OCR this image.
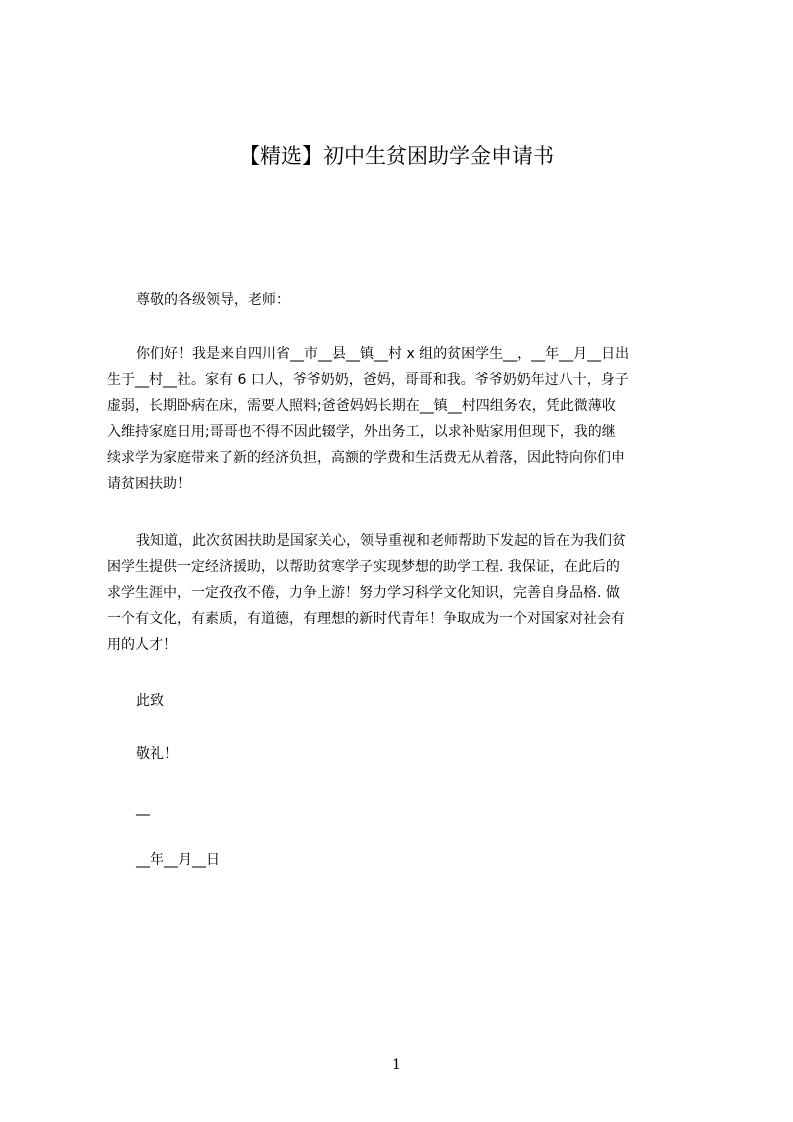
【精选】初中生贫困助学金申请书
尊敬的各级领导，老师：
你们好！我是来自四川省__市__县__镇__村 x 组的贫困学生__，__年__月__日出
生于__村__社。家有 6 口人，爷爷奶奶，爸妈，哥哥和我。爷爷奶奶年过八十，身子
虚弱，长期卧病在床，需要人照料;爸爸妈妈长期在__镇__村四组务农，凭此微薄收
入维持家庭日用;哥哥也不得不因此辍学，外出务工，以求补贴家用但现下，我的继
续求学为家庭带来了新的经济负担，高额的学费和生活费无从着落，因此特向你们申
请贫困扶助！
我知道，此次贫困扶助是国家关心，领导重视和老师帮助下发起的旨在为我们贫
困学生提供一定经济援助，以帮助贫寒学子实现梦想的助学工程. 我保证，在此后的
求学生涯中，一定孜孜不倦，力争上游！努力学习科学文化知识，完善自身品格. 做
一个有文化，有素质，有道德，有理想的新时代青年！争取成为一个对国家对社会有
用的人才！
此致
敬礼！
__
__年__月__日
1
